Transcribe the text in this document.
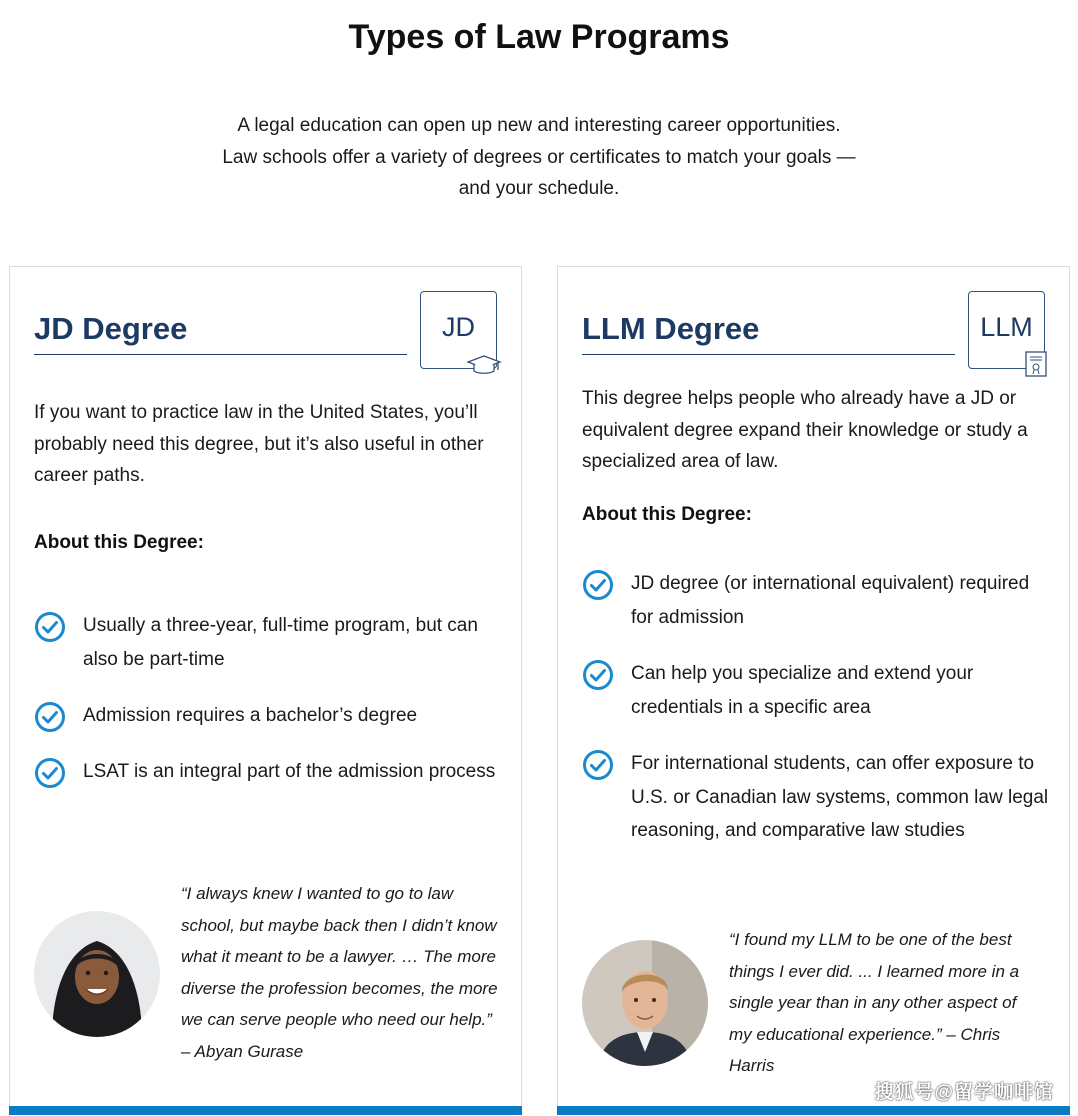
Types of Law Programs
A legal education can open up new and interesting career opportunities.
Law schools offer a variety of degrees or certificates to match your goals —
and your schedule.
JD Degree	JD

If you want to practice law in the United States, you’ll probably need this degree, but it’s also useful in other career paths.

About this Degree:
Usually a three-year, full-time program, but can also be part-time
Admission requires a bachelor’s degree
LSAT is an integral part of the admission process

“I always knew I wanted to go to law school, but maybe back then I didn’t know what it meant to be a lawyer. … The more diverse the profession becomes, the more we can serve people who need our help.” – Abyan Gurase

LLM Degree	LLM

This degree helps people who already have a JD or equivalent degree expand their knowledge or study a specialized area of law.

About this Degree:
JD degree (or international equivalent) required for admission
Can help you specialize and extend your credentials in a specific area
For international students, can offer exposure to U.S. or Canadian law systems, common law legal reasoning, and comparative law studies

“I found my LLM to be one of the best things I ever did. ... I learned more in a single year than in any other aspect of my educational experience.” – Chris Harris

搜狐号@留学咖啡馆
